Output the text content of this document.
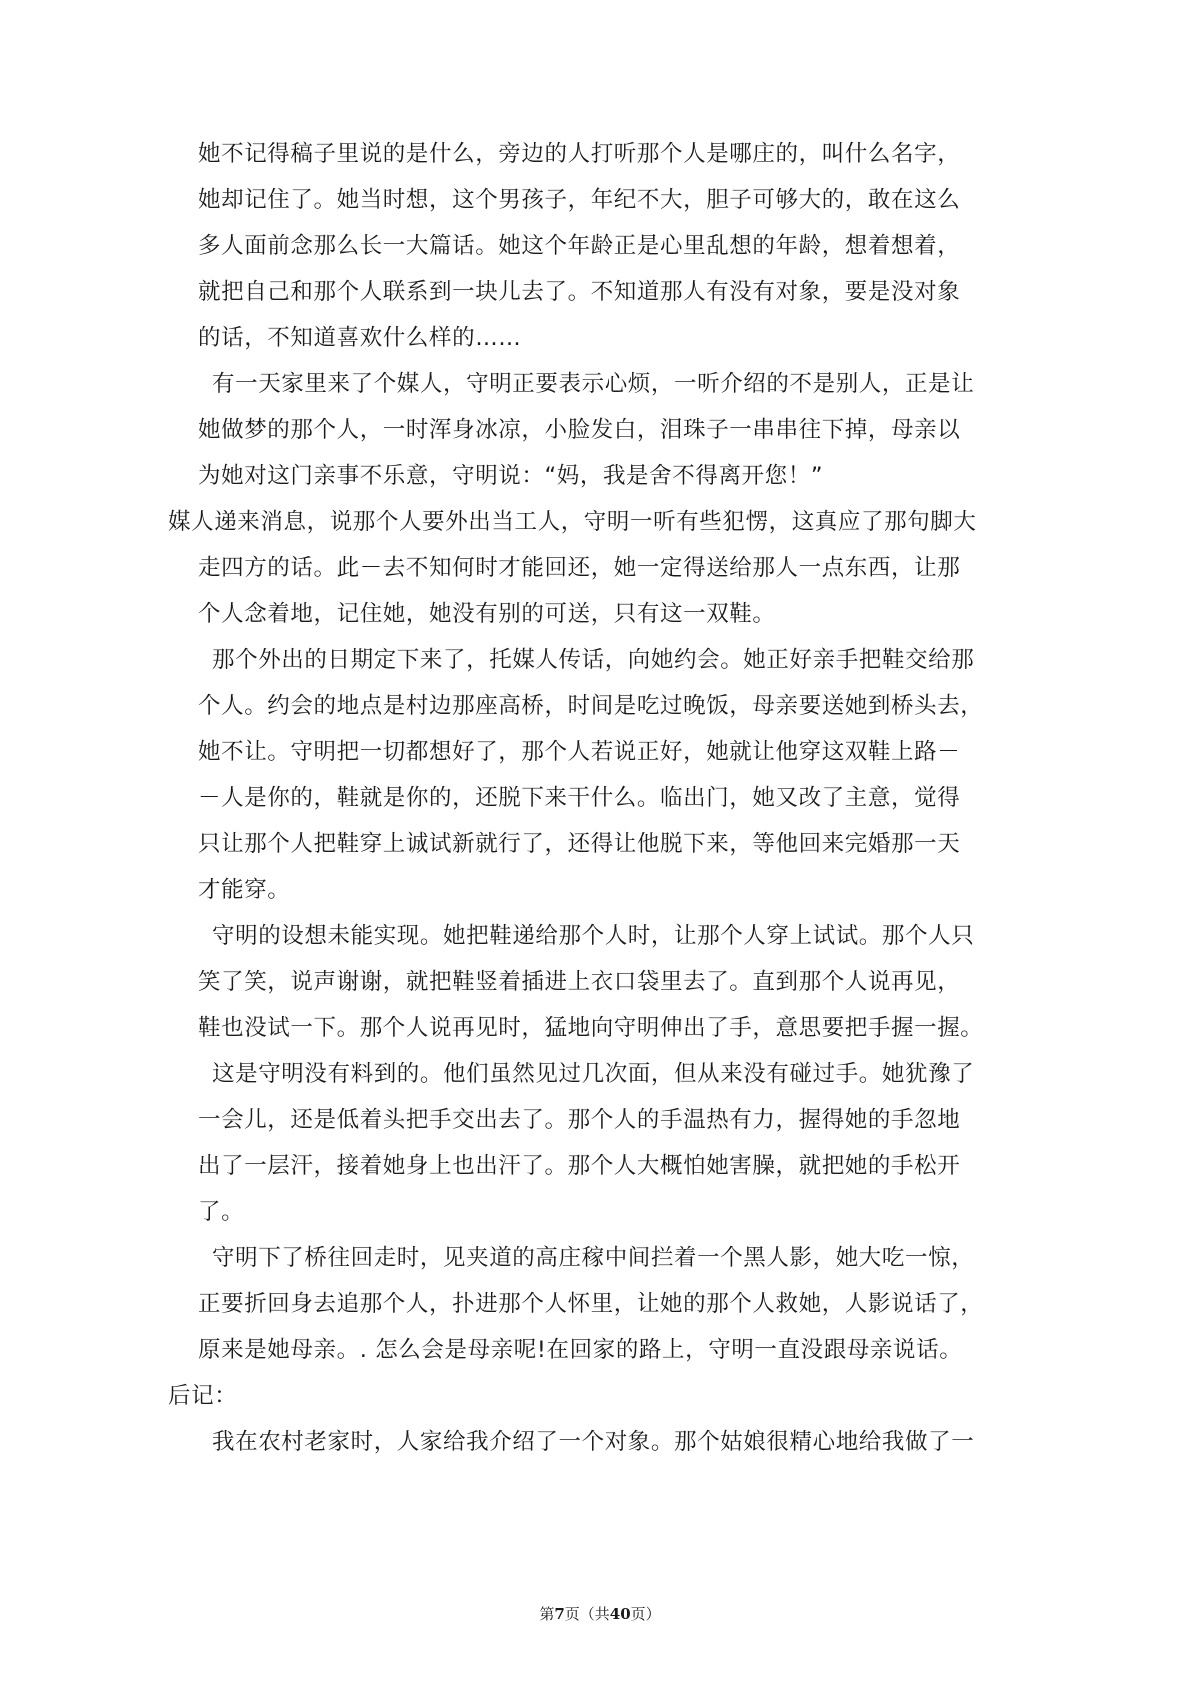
她不记得稿子里说的是什么，旁边的人打听那个人是哪庄的，叫什么名字，
她却记住了。她当时想，这个男孩子，年纪不大，胆子可够大的，敢在这么
多人面前念那么长一大篇话。她这个年龄正是心里乱想的年龄，想着想着，
就把自己和那个人联系到一块儿去了。不知道那人有没有对象，要是没对象
的话，不知道喜欢什么样的……
有一天家里来了个媒人，守明正要表示心烦，一听介绍的不是别人，正是让
她做梦的那个人，一时浑身冰凉，小脸发白，泪珠子一串串往下掉，母亲以
为她对这门亲事不乐意，守明说：“妈，我是舍不得离开您！”
媒人递来消息，说那个人要外出当工人，守明一听有些犯愣，这真应了那句脚大
走四方的话。此－去不知何时才能回还，她一定得送给那人一点东西，让那
个人念着地，记住她，她没有别的可送，只有这一双鞋。
那个外出的日期定下来了，托媒人传话，向她约会。她正好亲手把鞋交给那
个人。约会的地点是村边那座高桥，时间是吃过晚饭，母亲要送她到桥头去，
她不让。守明把一切都想好了，那个人若说正好，她就让他穿这双鞋上路－
－人是你的，鞋就是你的，还脱下来干什么。临出门，她又改了主意，觉得
只让那个人把鞋穿上诚试新就行了，还得让他脱下来，等他回来完婚那一天
才能穿。
守明的设想未能实现。她把鞋递给那个人时，让那个人穿上试试。那个人只
笑了笑，说声谢谢，就把鞋竖着插进上衣口袋里去了。直到那个人说再见，
鞋也没试一下。那个人说再见时，猛地向守明伸出了手，意思要把手握一握。
这是守明没有料到的。他们虽然见过几次面，但从来没有碰过手。她犹豫了
一会儿，还是低着头把手交出去了。那个人的手温热有力，握得她的手忽地
出了一层汗，接着她身上也出汗了。那个人大概怕她害臊，就把她的手松开
了。
守明下了桥往回走时，见夹道的高庄稼中间拦着一个黑人影，她大吃一惊，
正要折回身去追那个人，扑进那个人怀里，让她的那个人救她，人影说话了，
原来是她母亲。. 怎么会是母亲呢!在回家的路上，守明一直没跟母亲说话。
后记：
我在农村老家时，人家给我介绍了一个对象。那个姑娘很精心地给我做了一
第7页（共40页）
